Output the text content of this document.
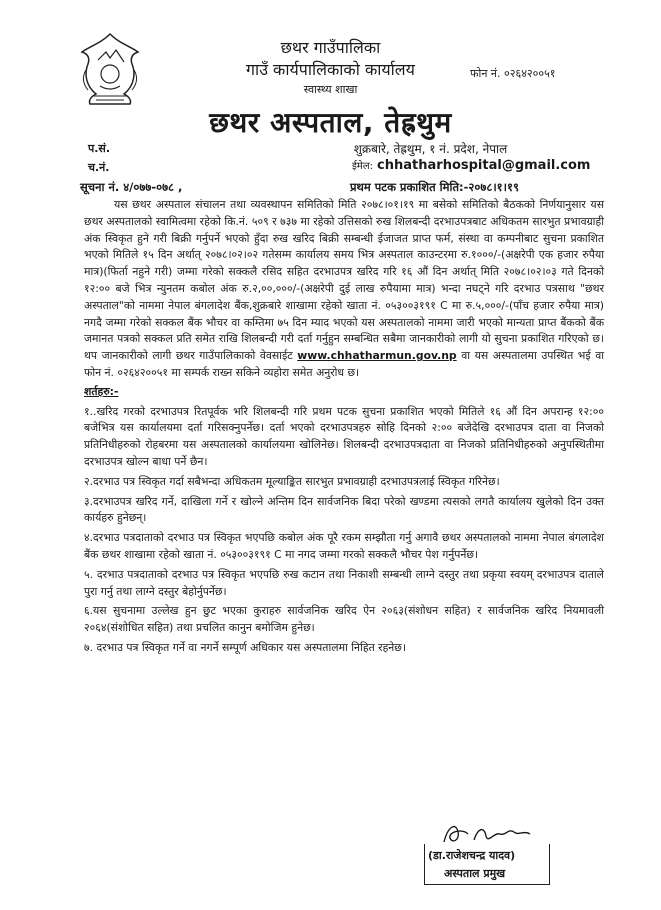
छथर गाउँपालिका
गाउँ कार्यपालिकाको कार्यालय
स्वास्थ्य शाखा
छथर अस्पताल, तेह्रथुम
शुक्रबारे, तेह्रथुम, १ नं. प्रदेश, नेपाल
फोन नं. ०२६४२००५१
ईमेल: chhatharhospital@gmail.com
प.सं.
च.नं.
सूचना नं. ४/०७७-०७८ ,	प्रथम पटक प्रकाशित मिति:-२०७८।१।१९

यस छथर अस्पताल संचालन तथा व्यवस्थापन समितिको मिति २०७८।०१।१९ मा बसेको समितिको बैठकको निर्णयानुसार यस छथर अस्पतालको स्वामित्वमा रहेको कि.नं. ५०९ र ७३७ मा रहेको उत्तिसको रुख शिलबन्दी दरभाउपत्रबाट अधिकतम सारभुत प्रभावग्राही अंक स्विकृत हुने गरी बिक्री गर्नुपर्ने भएको हुँदा रुख खरिद बिक्री सम्बन्धी ईजाजत प्राप्त फर्म, संस्था वा कम्पनीबाट सुचना प्रकाशित भएको मितिले १५ दिन अर्थात् २०७८।०२।०२ गतेसम्म कार्यालय समय भित्र अस्पताल काउन्टरमा रु.१०००/-(अक्षरेपी एक हजार रुपैया मात्र)(फिर्ता नहुने गरी) जम्मा गरेको सक्कलै रसिद सहित दरभाउपत्र खरिद गरि १६ औं दिन अर्थात् मिति २०७८।०२।०३ गते दिनको १२:०० बजे भित्र न्युनतम कबोल अंक रु.२,००,०००/-(अक्षरेपी दुई लाख रुपैयामा मात्र) भन्दा नघट्ने गरि दरभाउ पत्रसाथ "छथर अस्पताल"को नाममा नेपाल बंगलादेश बैंक,शुक्रबारे शाखामा रहेको खाता नं. ०५३००३१९१ C मा रु.५,०००/-(पाँच हजार रुपैया मात्र) नगदै जम्मा गरेको सक्कल बैंक भौचर वा कम्तिमा ७५ दिन म्याद भएको यस अस्पतालको नाममा जारी भएको मान्यता प्राप्त बैंकको बैंक जमानत पत्रको सक्कल प्रति समेत राखि शिलबन्दी गरी दर्ता गर्नुहुन सम्बन्धित सबैमा जानकारीको लागी यो सुचना प्रकाशित गरिएको छ। थप जानकारीको लागी छथर गाउँपालिकाको वेवसाईट www.chhatharmun.gov.np वा यस अस्पतालमा उपस्थित भई वा फोन नं. ०२६४२००५१ मा सम्पर्क राख्न सकिने व्यहोरा समेत अनुरोध छ।

शर्तहरु:-

१..खरिद गरको दरभाउपत्र रितपूर्वक भरि शिलबन्दी गरि प्रथम पटक सुचना प्रकाशित भएको मितिले १६ औं दिन अपरान्ह १२:०० बजेभित्र यस कार्यालयमा दर्ता गरिसक्नुपर्नेछ। दर्ता भएको दरभाउपत्रहरु सोहि दिनको २:०० बजेदेखि दरभाउपत्र दाता वा निजको प्रतिनिधीहरुको रोहबरमा यस अस्पतालको कार्यालयमा खोलिनेछ। शिलबन्दी दरभाउपत्रदाता वा निजको प्रतिनिधीहरुको अनुपस्थितीमा दरभाउपत्र खोल्न बाधा पर्ने छैन।

२.दरभाउ पत्र स्विकृत गर्दा सबैभन्दा अधिकतम मूल्याङ्कित सारभुत प्रभावग्राही दरभाउपत्रलाई स्विकृत गरिनेछ।

३.दरभाउपत्र खरिद गर्ने, दाखिला गर्ने र खोल्ने अन्तिम दिन सार्वजनिक बिदा परेको खण्डमा त्यसको लगतै कार्यालय खुलेको दिन उक्त कार्यहरु हुनेछन्।

४.दरभाउ पत्रदाताको दरभाउ पत्र स्विकृत भएपछि कबोल अंक पूरै रकम सम्झौता गर्नु अगावै छथर अस्पतालको नाममा नेपाल बंगलादेश बैंक छथर शाखामा रहेको खाता नं. ०५३००३१९१ C मा नगद जम्मा गरको सक्कलै भौचर पेश गर्नुपर्नेछ।

५. दरभाउ पत्रदाताको दरभाउ पत्र स्विकृत भएपछि रुख कटान तथा निकाशी सम्बन्धी लाग्ने दस्तुर तथा प्रकृया स्वयम् दरभाउपत्र दाताले पुरा गर्नु तथा लाग्ने दस्तुर बेहोर्नुपर्नेछ।

६.यस सुचनामा उल्लेख हुन छुट भएका कुराहरु सार्वजनिक खरिद ऐन २०६३(संशोधन सहित) र सार्वजनिक खरिद नियमावली २०६४(संशोधित सहित) तथा प्रचलित कानुन बमोजिम हुनेछ।

७. दरभाउ पत्र स्विकृत गर्ने वा नगर्ने सम्पूर्ण अधिकार यस अस्पतालमा निहित रहनेछ।

(डा.राजेशचन्द्र यादव)
अस्पताल प्रमुख
